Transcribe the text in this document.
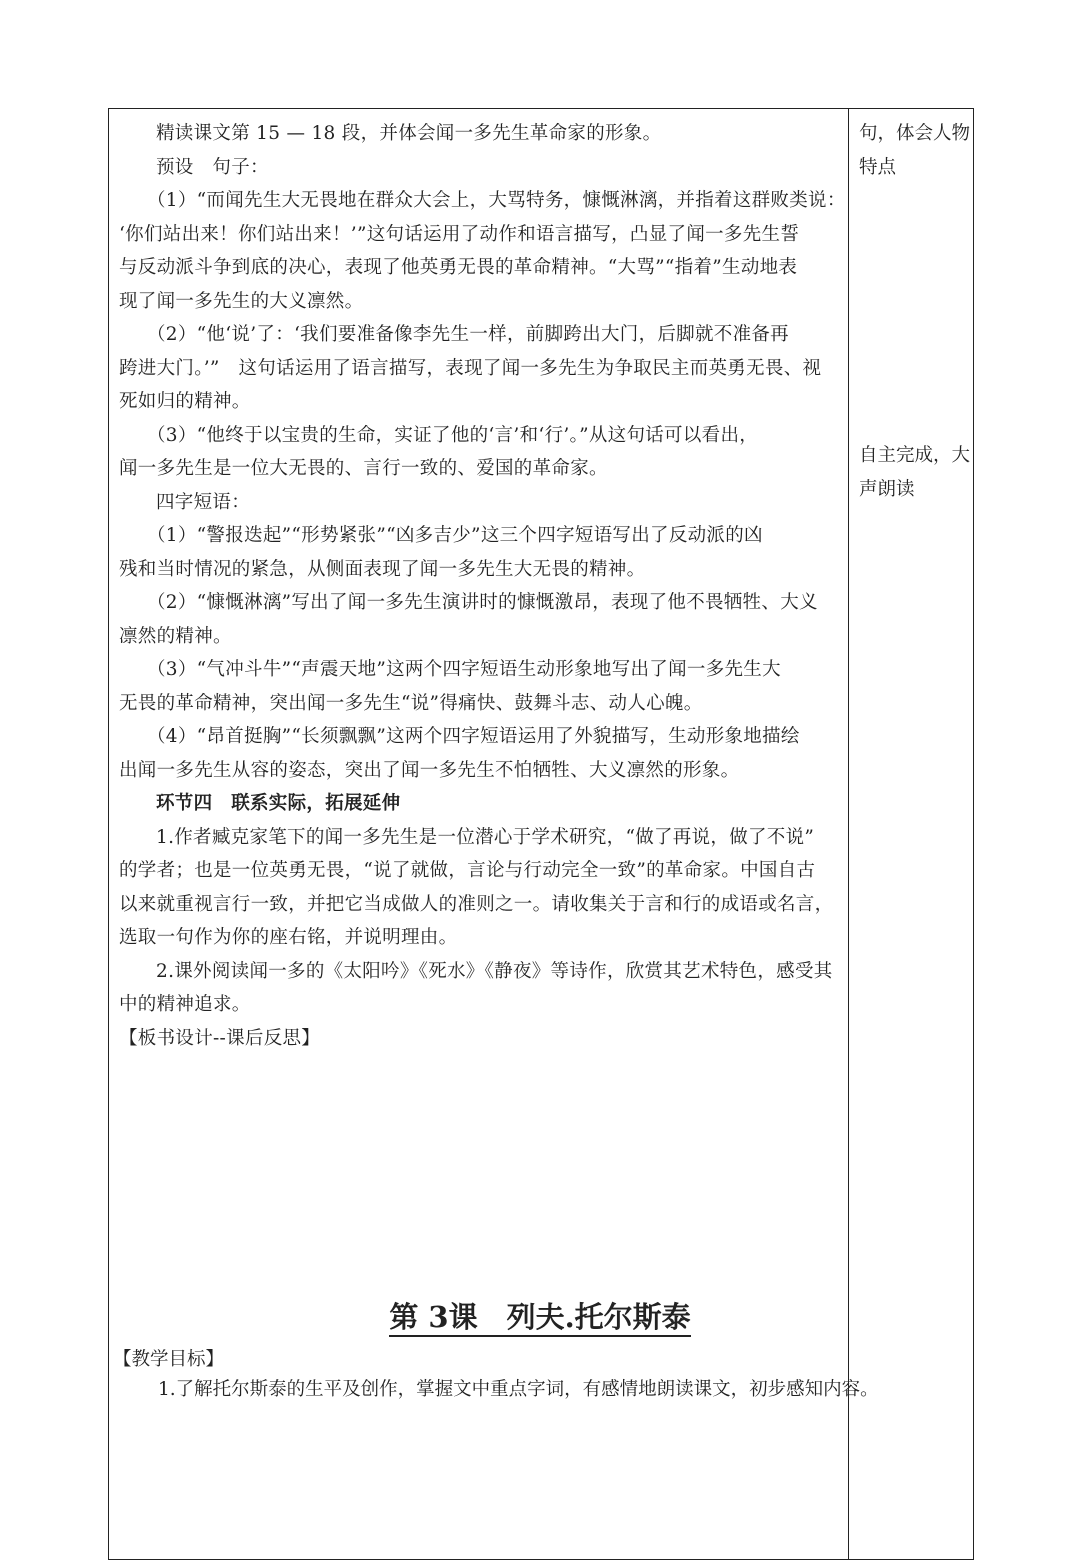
精读课文第 15 — 18 段，并体会闻一多先生革命家的形象。
预设　句子：
（1）“而闻先生大无畏地在群众大会上，大骂特务，慷慨淋漓，并指着这群败类说：
‘你们站出来！你们站出来！’”这句话运用了动作和语言描写，凸显了闻一多先生誓
与反动派斗争到底的决心，表现了他英勇无畏的革命精神。“大骂”“指着”生动地表
现了闻一多先生的大义凛然。
（2）“他‘说’了：‘我们要准备像李先生一样，前脚跨出大门，后脚就不准备再
跨进大门。’”　这句话运用了语言描写，表现了闻一多先生为争取民主而英勇无畏、视
死如归的精神。
（3）“他终于以宝贵的生命，实证了他的‘言’和‘行’。”从这句话可以看出，
闻一多先生是一位大无畏的、言行一致的、爱国的革命家。
四字短语：
（1）“警报迭起”“形势紧张”“凶多吉少”这三个四字短语写出了反动派的凶
残和当时情况的紧急，从侧面表现了闻一多先生大无畏的精神。
（2）“慷慨淋漓”写出了闻一多先生演讲时的慷慨激昂，表现了他不畏牺牲、大义
凛然的精神。
（3）“气冲斗牛”“声震天地”这两个四字短语生动形象地写出了闻一多先生大
无畏的革命精神，突出闻一多先生“说”得痛快、鼓舞斗志、动人心魄。
（4）“昂首挺胸”“长须飘飘”这两个四字短语运用了外貌描写，生动形象地描绘
出闻一多先生从容的姿态，突出了闻一多先生不怕牺牲、大义凛然的形象。
环节四　联系实际，拓展延伸
1.作者臧克家笔下的闻一多先生是一位潜心于学术研究，“做了再说，做了不说”
的学者；也是一位英勇无畏，“说了就做，言论与行动完全一致”的革命家。中国自古
以来就重视言行一致，并把它当成做人的准则之一。请收集关于言和行的成语或名言，
选取一句作为你的座右铭，并说明理由。
2.课外阅读闻一多的《太阳吟》《死水》《静夜》等诗作，欣赏其艺术特色，感受其
中的精神追求。
【板书设计--课后反思】
句，体会人物
特点
自主完成，大
声朗读
第 3课　列夫.托尔斯泰
【教学目标】
1.了解托尔斯泰的生平及创作，掌握文中重点字词，有感情地朗读课文，初步感知内容。
